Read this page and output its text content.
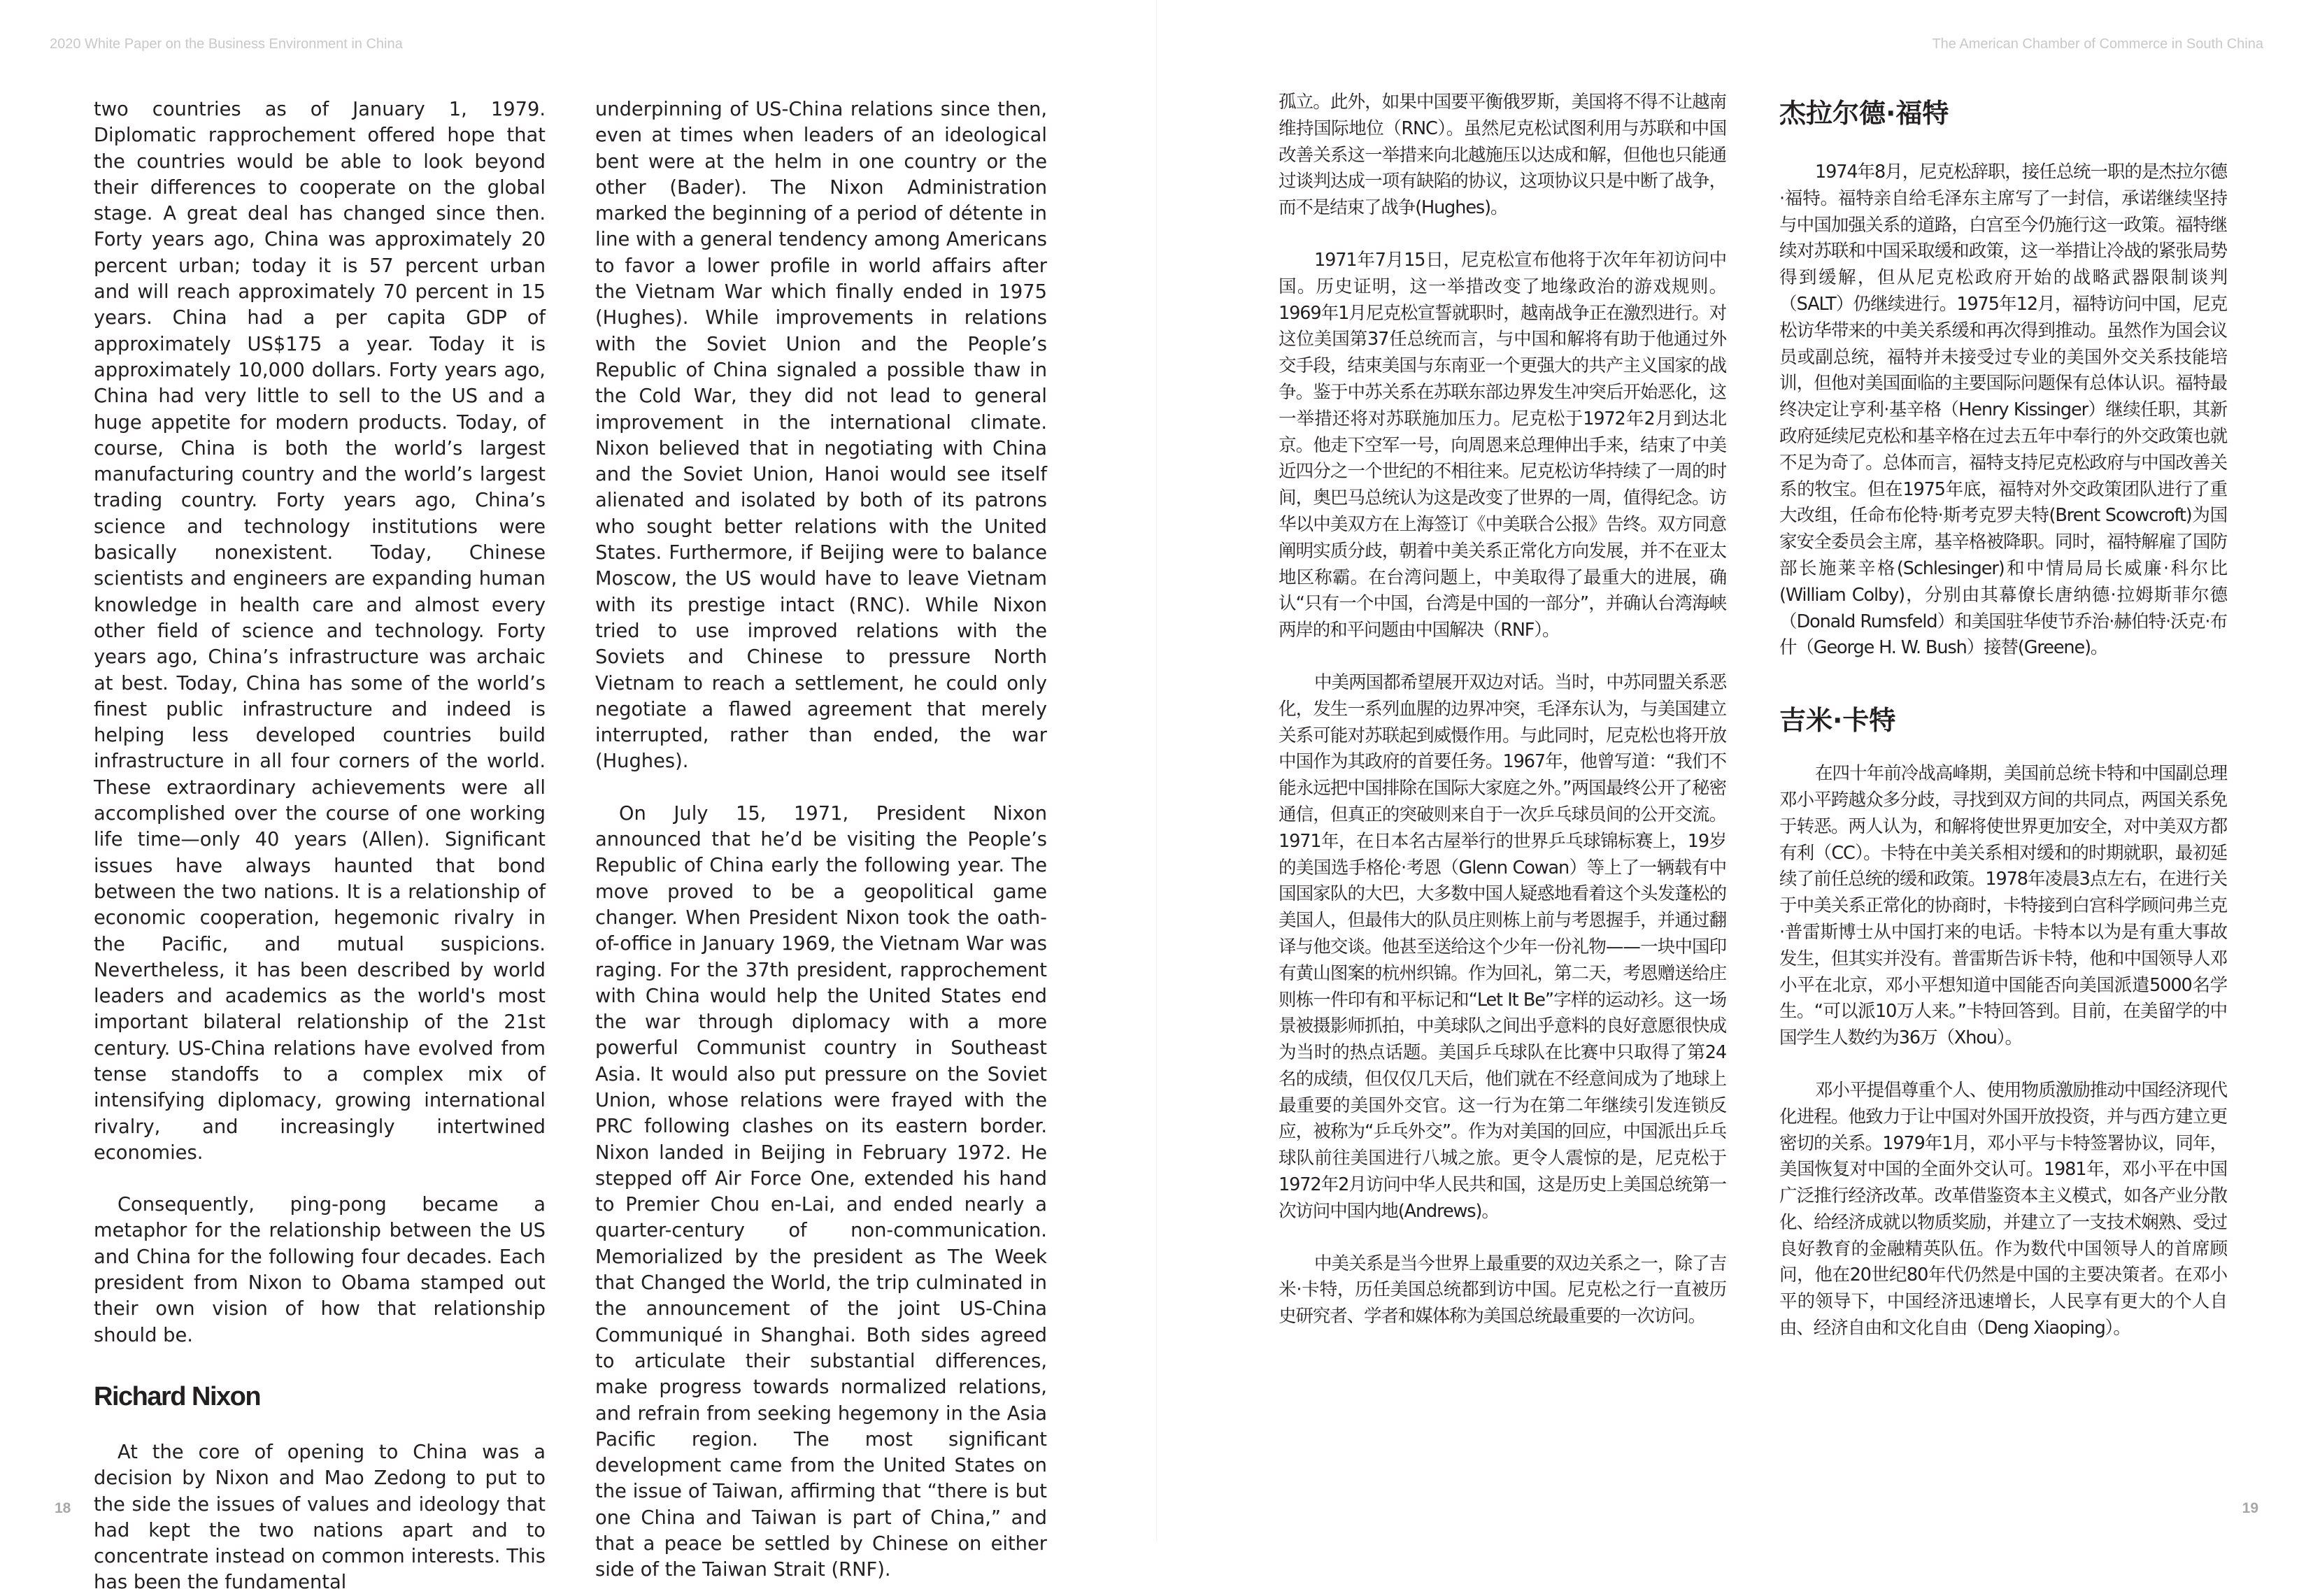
2020 White Paper on the Business Environment in China

two countries as of January 1, 1979. Diplomatic rapprochement offered hope that the countries would be able to look beyond their differences to cooperate on the global stage. A great deal has changed since then. Forty years ago, China was approximately 20 percent urban; today it is 57 percent urban and will reach approximately 70 percent in 15 years. China had a per capita GDP of approximately US$175 a year. Today it is approximately 10,000 dollars. Forty years ago, China had very little to sell to the US and a huge appetite for modern products. Today, of course, China is both the world’s largest manufacturing country and the world’s largest trading country. Forty years ago, China’s science and technology institutions were basically nonexistent. Today, Chinese scientists and engineers are expanding human knowledge in health care and almost every other field of science and technology. Forty years ago, China’s infrastructure was archaic at best. Today, China has some of the world’s finest public infrastructure and indeed is helping less developed countries build infrastructure in all four corners of the world. These extraordinary achievements were all accomplished over the course of one working life time—only 40 years (Allen). Significant issues have always haunted that bond between the two nations. It is a relationship of economic cooperation, hegemonic rivalry in the Pacific, and mutual suspicions. Nevertheless, it has been described by world leaders and academics as the world's most important bilateral relationship of the 21st century. US-China relations have evolved from tense standoffs to a complex mix of intensifying diplomacy, growing international rivalry, and increasingly intertwined economies.

Consequently, ping-pong became a metaphor for the relationship between the US and China for the following four decades. Each president from Nixon to Obama stamped out their own vision of how that relationship should be.

Richard Nixon

At the core of opening to China was a decision by Nixon and Mao Zedong to put to the side the issues of values and ideology that had kept the two nations apart and to concentrate instead on common interests. This has been the fundamental

underpinning of US-China relations since then, even at times when leaders of an ideological bent were at the helm in one country or the other (Bader). The Nixon Administration marked the beginning of a period of détente in line with a general tendency among Americans to favor a lower profile in world affairs after the Vietnam War which finally ended in 1975 (Hughes). While improvements in relations with the Soviet Union and the People’s Republic of China signaled a possible thaw in the Cold War, they did not lead to general improvement in the international climate. Nixon believed that in negotiating with China and the Soviet Union, Hanoi would see itself alienated and isolated by both of its patrons who sought better relations with the United States. Furthermore, if Beijing were to balance Moscow, the US would have to leave Vietnam with its prestige intact (RNC). While Nixon tried to use improved relations with the Soviets and Chinese to pressure North Vietnam to reach a settlement, he could only negotiate a flawed agreement that merely interrupted, rather than ended, the war (Hughes).

On July 15, 1971, President Nixon announced that he’d be visiting the People’s Republic of China early the following year. The move proved to be a geopolitical game changer. When President Nixon took the oath-of-office in January 1969, the Vietnam War was raging. For the 37th president, rapprochement with China would help the United States end the war through diplomacy with a more powerful Communist country in Southeast Asia. It would also put pressure on the Soviet Union, whose relations were frayed with the PRC following clashes on its eastern border. Nixon landed in Beijing in February 1972. He stepped off Air Force One, extended his hand to Premier Chou en-Lai, and ended nearly a quarter-century of non-communication. Memorialized by the president as The Week that Changed the World, the trip culminated in the announcement of the joint US-China Communiqué in Shanghai. Both sides agreed to articulate their substantial differences, make progress towards normalized relations, and refrain from seeking hegemony in the Asia Pacific region. The most significant development came from the United States on the issue of Taiwan, affirming that “there is but one China and Taiwan is part of China,” and that a peace be settled by Chinese on either side of the Taiwan Strait (RNF).

18
The American Chamber of Commerce in South China

孤立。此外，如果中国要平衡俄罗斯，美国将不得不让越南维持国际地位（RNC）。虽然尼克松试图利用与苏联和中国改善关系这一举措来向北越施压以达成和解，但他也只能通过谈判达成一项有缺陷的协议，这项协议只是中断了战争，而不是结束了战争(Hughes)。

1971年7月15日，尼克松宣布他将于次年年初访问中国。历史证明，这一举措改变了地缘政治的游戏规则。1969年1月尼克松宣誓就职时，越南战争正在激烈进行。对这位美国第37任总统而言，与中国和解将有助于他通过外交手段，结束美国与东南亚一个更强大的共产主义国家的战争。鉴于中苏关系在苏联东部边界发生冲突后开始恶化，这一举措还将对苏联施加压力。尼克松于1972年2月到达北京。他走下空军一号，向周恩来总理伸出手来，结束了中美近四分之一个世纪的不相往来。尼克松访华持续了一周的时间，奥巴马总统认为这是改变了世界的一周，值得纪念。访华以中美双方在上海签订《中美联合公报》告终。双方同意阐明实质分歧，朝着中美关系正常化方向发展，并不在亚太地区称霸。在台湾问题上，中美取得了最重大的进展，确认“只有一个中国，台湾是中国的一部分”，并确认台湾海峡两岸的和平问题由中国解决（RNF）。

中美两国都希望展开双边对话。当时，中苏同盟关系恶化，发生一系列血腥的边界冲突，毛泽东认为，与美国建立关系可能对苏联起到威慑作用。与此同时，尼克松也将开放中国作为其政府的首要任务。1967年，他曾写道：“我们不能永远把中国排除在国际大家庭之外。”两国最终公开了秘密通信，但真正的突破则来自于一次乒乓球员间的公开交流。1971年，在日本名古屋举行的世界乒乓球锦标赛上，19岁的美国选手格伦·考恩（Glenn Cowan）等上了一辆载有中国国家队的大巴，大多数中国人疑惑地看着这个头发蓬松的美国人，但最伟大的队员庄则栋上前与考恩握手，并通过翻译与他交谈。他甚至送给这个少年一份礼物——一块中国印有黄山图案的杭州织锦。作为回礼，第二天，考恩赠送给庄则栋一件印有和平标记和“Let It Be”字样的运动衫。这一场景被摄影师抓拍，中美球队之间出乎意料的良好意愿很快成为当时的热点话题。美国乒乓球队在比赛中只取得了第24名的成绩，但仅仅几天后，他们就在不经意间成为了地球上最重要的美国外交官。这一行为在第二年继续引发连锁反应，被称为“乒乓外交”。作为对美国的回应，中国派出乒乓球队前往美国进行八城之旅。更令人震惊的是，尼克松于1972年2月访问中华人民共和国，这是历史上美国总统第一次访问中国内地(Andrews)。

中美关系是当今世界上最重要的双边关系之一，除了吉米·卡特，历任美国总统都到访中国。尼克松之行一直被历史研究者、学者和媒体称为美国总统最重要的一次访问。

杰拉尔德·福特

1974年8月，尼克松辞职，接任总统一职的是杰拉尔德·福特。福特亲自给毛泽东主席写了一封信，承诺继续坚持与中国加强关系的道路，白宫至今仍施行这一政策。福特继续对苏联和中国采取缓和政策，这一举措让冷战的紧张局势得到缓解，但从尼克松政府开始的战略武器限制谈判（SALT）仍继续进行。1975年12月，福特访问中国，尼克松访华带来的中美关系缓和再次得到推动。虽然作为国会议员或副总统，福特并未接受过专业的美国外交关系技能培训，但他对美国面临的主要国际问题保有总体认识。福特最终决定让亨利·基辛格（Henry Kissinger）继续任职，其新政府延续尼克松和基辛格在过去五年中奉行的外交政策也就不足为奇了。总体而言，福特支持尼克松政府与中国改善关系的牧宝。但在1975年底，福特对外交政策团队进行了重大改组，任命布伦特·斯考克罗夫特(Brent Scowcroft)为国家安全委员会主席，基辛格被降职。同时，福特解雇了国防部长施莱辛格(Schlesinger)和中情局局长威廉·科尔比(William Colby)，分别由其幕僚长唐纳德·拉姆斯菲尔德（Donald Rumsfeld）和美国驻华使节乔治·赫伯特·沃克·布什（George H. W. Bush）接替(Greene)。

吉米·卡特

在四十年前冷战高峰期，美国前总统卡特和中国副总理邓小平跨越众多分歧，寻找到双方间的共同点，两国关系免于转恶。两人认为，和解将使世界更加安全，对中美双方都有利（CC）。卡特在中美关系相对缓和的时期就职，最初延续了前任总统的缓和政策。1978年凌晨3点左右，在进行关于中美关系正常化的协商时，卡特接到白宫科学顾问弗兰克·普雷斯博士从中国打来的电话。卡特本以为是有重大事故发生，但其实并没有。普雷斯告诉卡特，他和中国领导人邓小平在北京，邓小平想知道中国能否向美国派遣5000名学生。“可以派10万人来。”卡特回答到。目前，在美留学的中国学生人数约为36万（Xhou）。

邓小平提倡尊重个人、使用物质激励推动中国经济现代化进程。他致力于让中国对外国开放投资，并与西方建立更密切的关系。1979年1月，邓小平与卡特签署协议，同年，美国恢复对中国的全面外交认可。1981年，邓小平在中国广泛推行经济改革。改革借鉴资本主义模式，如各产业分散化、给经济成就以物质奖励，并建立了一支技术娴熟、受过良好教育的金融精英队伍。作为数代中国领导人的首席顾问，他在20世纪80年代仍然是中国的主要决策者。在邓小平的领导下，中国经济迅速增长，人民享有更大的个人自由、经济自由和文化自由（Deng Xiaoping）。

19
